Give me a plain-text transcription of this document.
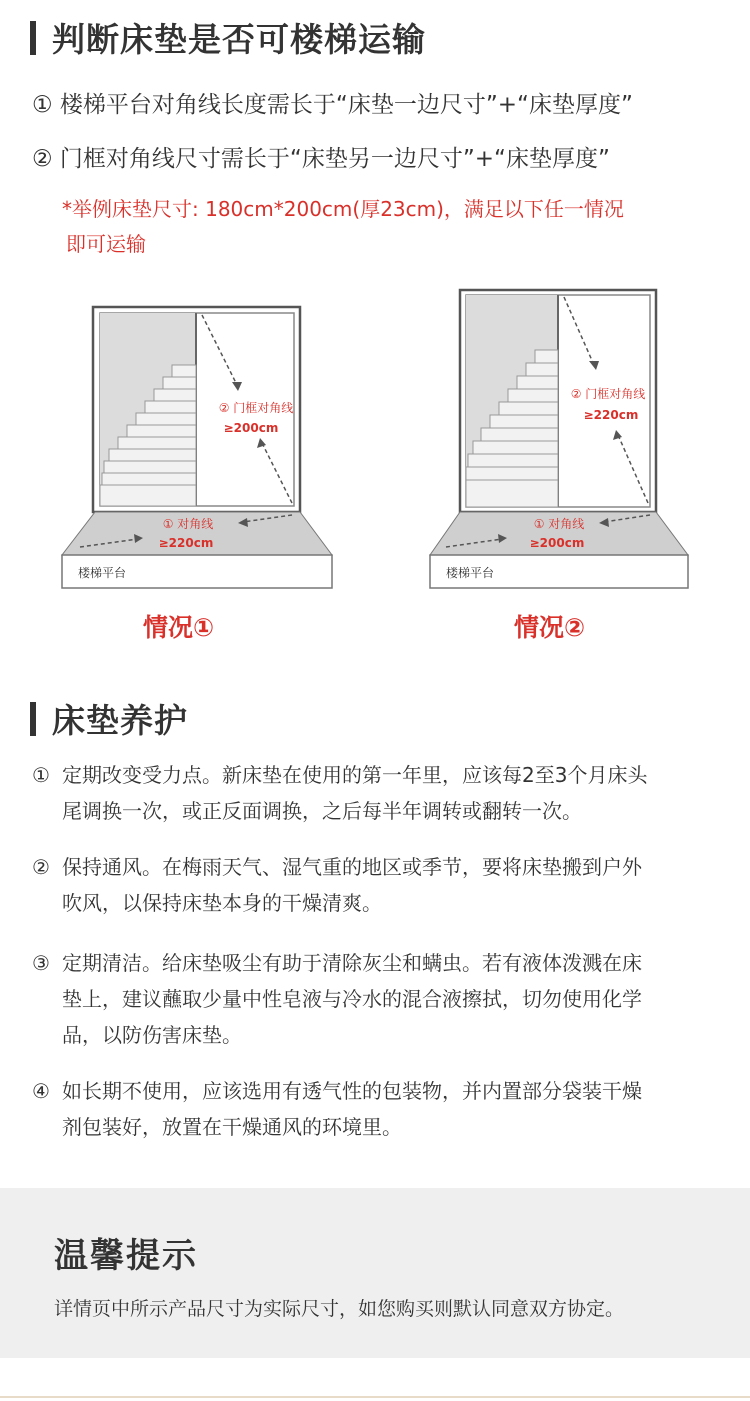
判断床垫是否可楼梯运输
① 楼梯平台对角线长度需长于“床垫一边尺寸”+“床垫厚度”
② 门框对角线尺寸需长于“床垫另一边尺寸”+“床垫厚度”
*举例床垫尺寸: 180cm*200cm(厚23cm)，满足以下任一情况
即可运输
② 门框对角线
≥200cm
① 对角线
≥220cm
楼梯平台
情况①
② 门框对角线
≥220cm
① 对角线
≥200cm
楼梯平台
情况②
床垫养护
① 定期改变受力点。新床垫在使用的第一年里，应该每2至3个月床头
尾调换一次，或正反面调换，之后每半年调转或翻转一次。
② 保持通风。在梅雨天气、湿气重的地区或季节，要将床垫搬到户外
吹风，以保持床垫本身的干燥清爽。
③ 定期清洁。给床垫吸尘有助于清除灰尘和螨虫。若有液体泼溅在床
垫上，建议蘸取少量中性皂液与冷水的混合液擦拭，切勿使用化学
品，以防伤害床垫。
④ 如长期不使用，应该选用有透气性的包装物，并内置部分袋装干燥
剂包装好，放置在干燥通风的环境里。
温馨提示
详情页中所示产品尺寸为实际尺寸，如您购买则默认同意双方协定。
